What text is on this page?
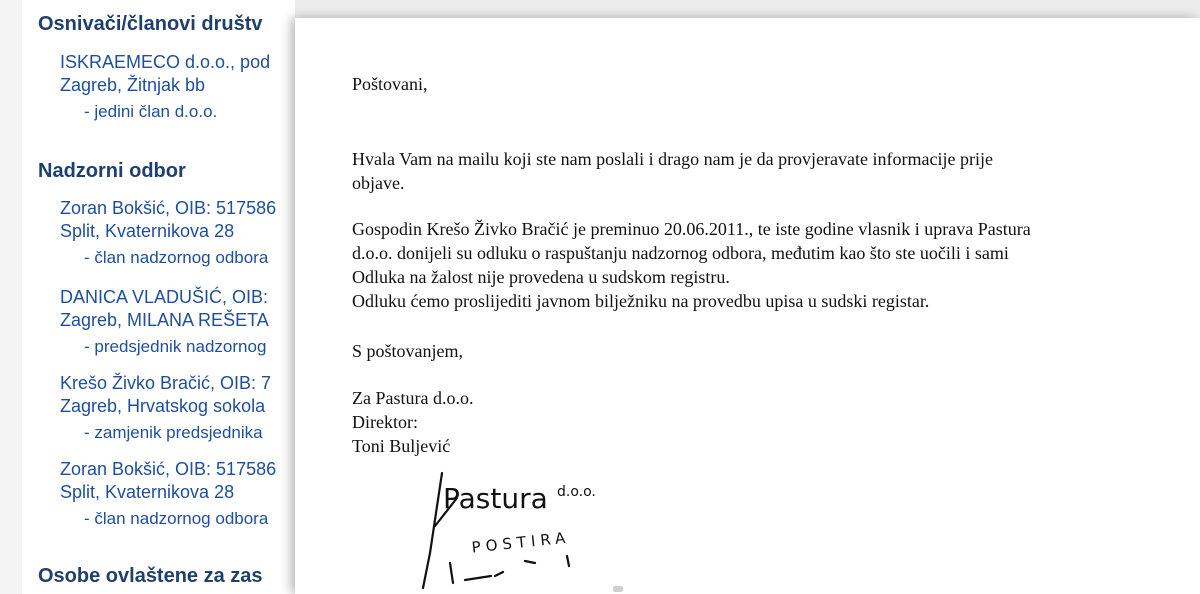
Osnivači/članovi društv
ISKRAEMECO d.o.o., pod
Zagreb, Žitnjak bb
- jedini član d.o.o.
Nadzorni odbor
Zoran Bokšić, OIB: 517586
Split, Kvaternikova 28
- član nadzornog odbora
DANICA VLADUŠIĆ, OIB:
Zagreb, MILANA REŠETA
- predsjednik nadzornog
Krešo Živko Bračić, OIB: 7
Zagreb, Hrvatskog sokola
- zamjenik predsjednika
Zoran Bokšić, OIB: 517586
Split, Kvaternikova 28
- član nadzornog odbora
Osobe ovlaštene za zas

Poštovani,

Hvala Vam na mailu koji ste nam poslali i drago nam je da provjeravate informacije prije

objave.

Gospodin Krešo Živko Bračić je preminuo 20.06.2011., te iste godine vlasnik i uprava Pastura

d.o.o. donijeli su odluku o raspuštanju nadzornog odbora, međutim kao što ste uočili i sami

Odluka na žalost nije provedena u sudskom registru.

Odluku ćemo proslijediti javnom bilježniku na provedbu upisa u sudski registar.

S poštovanjem,

Za Pastura d.o.o.

Direktor:

Toni Buljević

Pastura d.o.o.
POSTIRA
